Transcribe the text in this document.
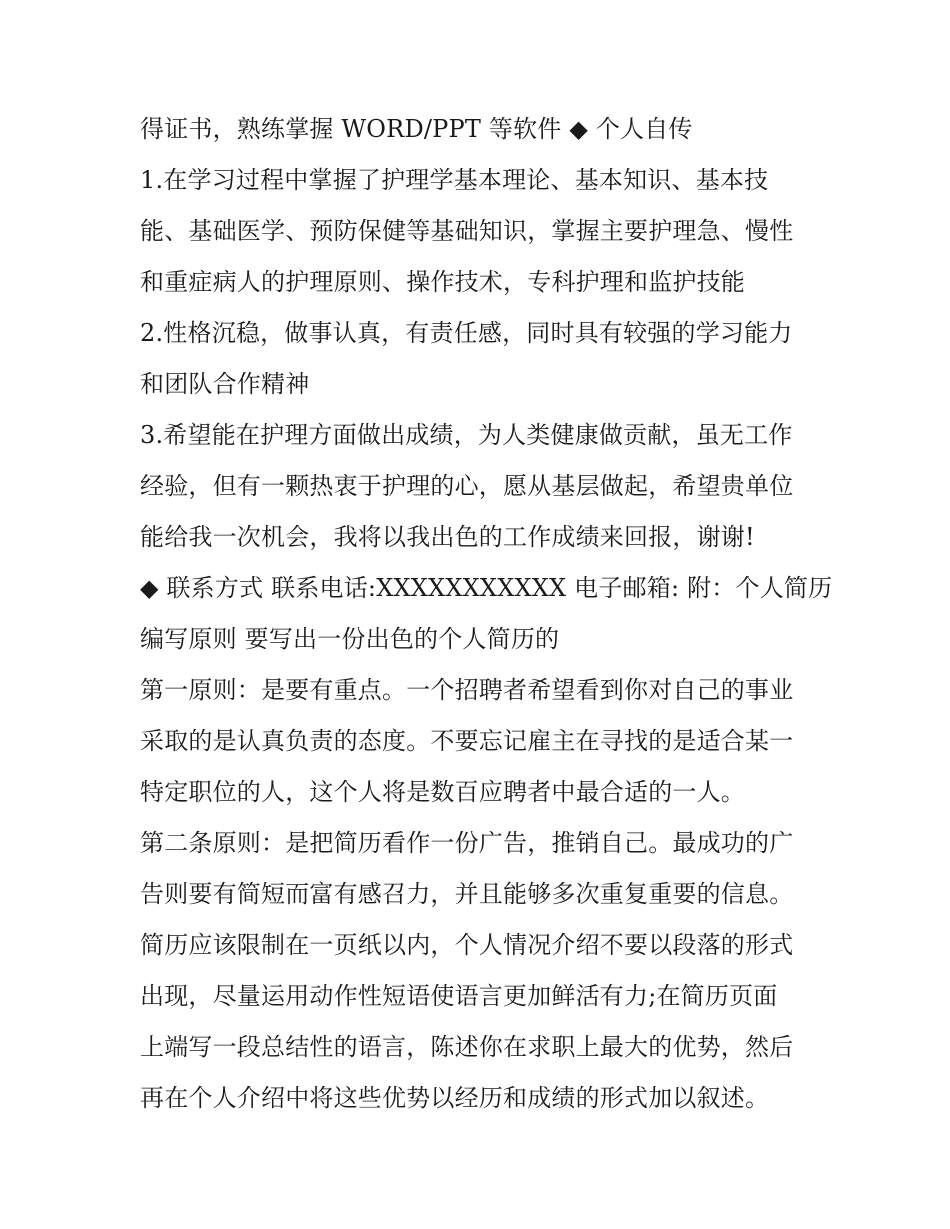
得证书，熟练掌握 WORD/PPT 等软件 ◆ 个人自传
1.在学习过程中掌握了护理学基本理论、基本知识、基本技
能、基础医学、预防保健等基础知识，掌握主要护理急、慢性
和重症病人的护理原则、操作技术，专科护理和监护技能
2.性格沉稳，做事认真，有责任感，同时具有较强的学习能力
和团队合作精神
3.希望能在护理方面做出成绩，为人类健康做贡献，虽无工作
经验，但有一颗热衷于护理的心，愿从基层做起，希望贵单位
能给我一次机会，我将以我出色的工作成绩来回报，谢谢!
◆ 联系方式 联系电话:XXXXXXXXXXX 电子邮箱: 附：个人简历
编写原则 要写出一份出色的个人简历的
第一原则：是要有重点。一个招聘者希望看到你对自己的事业
采取的是认真负责的态度。不要忘记雇主在寻找的是适合某一
特定职位的人，这个人将是数百应聘者中最合适的一人。
第二条原则：是把简历看作一份广告，推销自己。最成功的广
告则要有简短而富有感召力，并且能够多次重复重要的信息。
简历应该限制在一页纸以内，个人情况介绍不要以段落的形式
出现，尽量运用动作性短语使语言更加鲜活有力;在简历页面
上端写一段总结性的语言，陈述你在求职上最大的优势，然后
再在个人介绍中将这些优势以经历和成绩的形式加以叙述。
